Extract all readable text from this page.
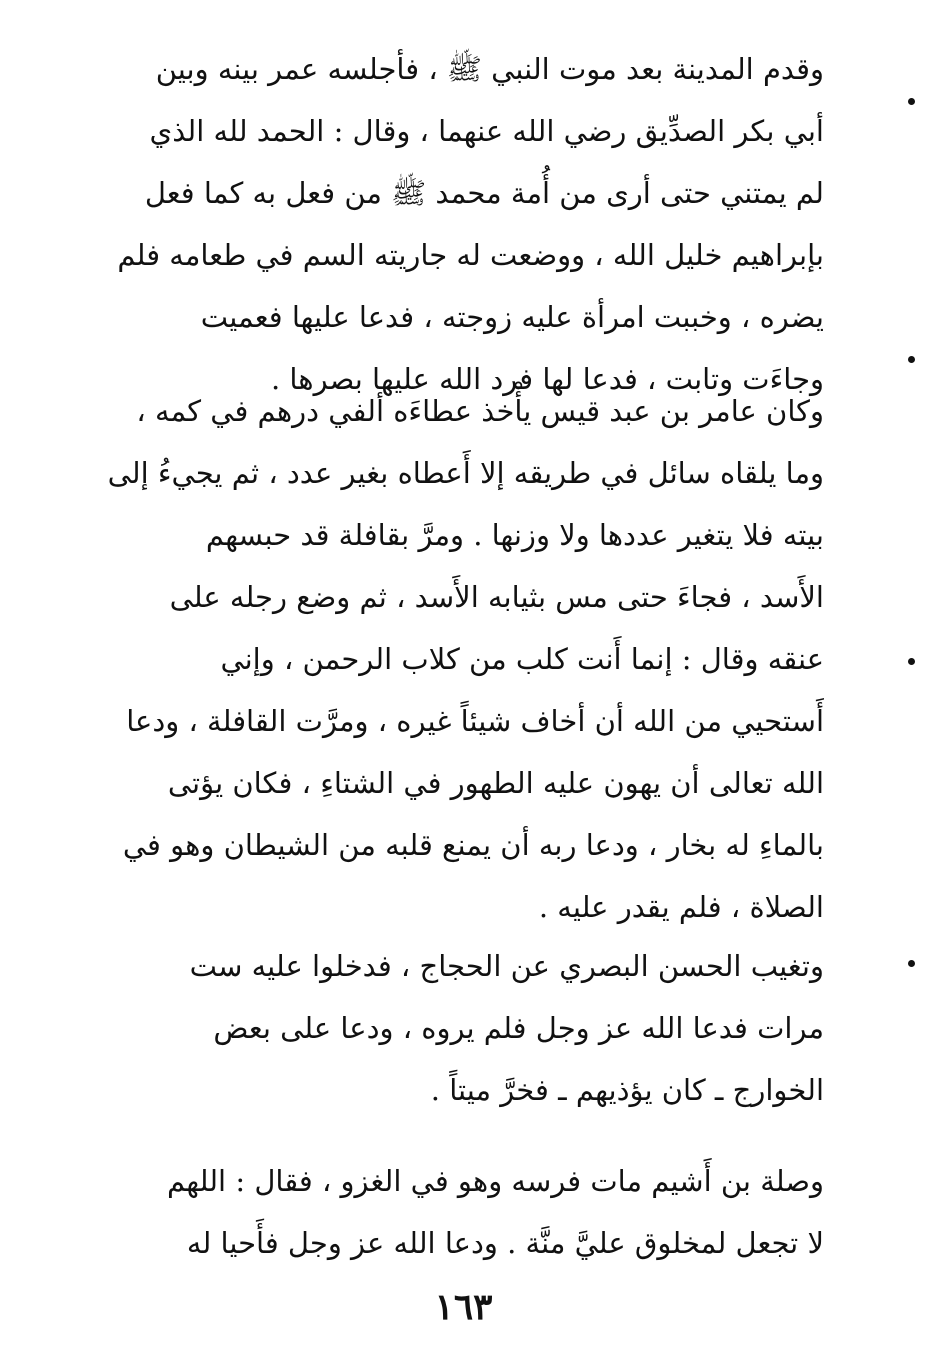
وقدم المدينة بعد موت النبي ﷺ ، فأجلسه عمر بينه وبين
أبي بكر الصدِّيق رضي الله عنهما ، وقال : الحمد لله الذي
لم يمتني حتى أرى من أُمة محمد ﷺ من فعل به كما فعل
بإبراهيم خليل الله ، ووضعت له جاريته السم في طعامه فلم
يضره ، وخببت امرأة عليه زوجته ، فدعا عليها فعميت
وجاءَت وتابت ، فدعا لها فرد الله عليها بصرها .
وكان عامر بن عبد قيس يأْخذ عطاءَه ألفي درهم في كمه ،
وما يلقاه سائل في طريقه إلا أَعطاه بغير عدد ، ثم يجيءُ إلى
بيته فلا يتغير عددها ولا وزنها . ومرَّ بقافلة قد حبسهم
الأَسد ، فجاءَ حتى مس بثيابه الأَسد ، ثم وضع رجله على
عنقه وقال : إنما أَنت كلب من كلاب الرحمن ، وإني
أَستحيي من الله أن أخاف شيئاً غيره ، ومرَّت القافلة ، ودعا
الله تعالى أن يهون عليه الطهور في الشتاءِ ، فكان يؤتى
بالماءِ له بخار ، ودعا ربه أن يمنع قلبه من الشيطان وهو في
الصلاة ، فلم يقدر عليه .
وتغيب الحسن البصري عن الحجاج ، فدخلوا عليه ست
مرات فدعا الله عز وجل فلم يروه ، ودعا على بعض
الخوارج ـ كان يؤذيهم ـ فخرَّ ميتاً .
وصلة بن أَشيم مات فرسه وهو في الغزو ، فقال : اللهم
لا تجعل لمخلوق عليَّ منَّة . ودعا الله عز وجل فأَحيا له
١٦٣
